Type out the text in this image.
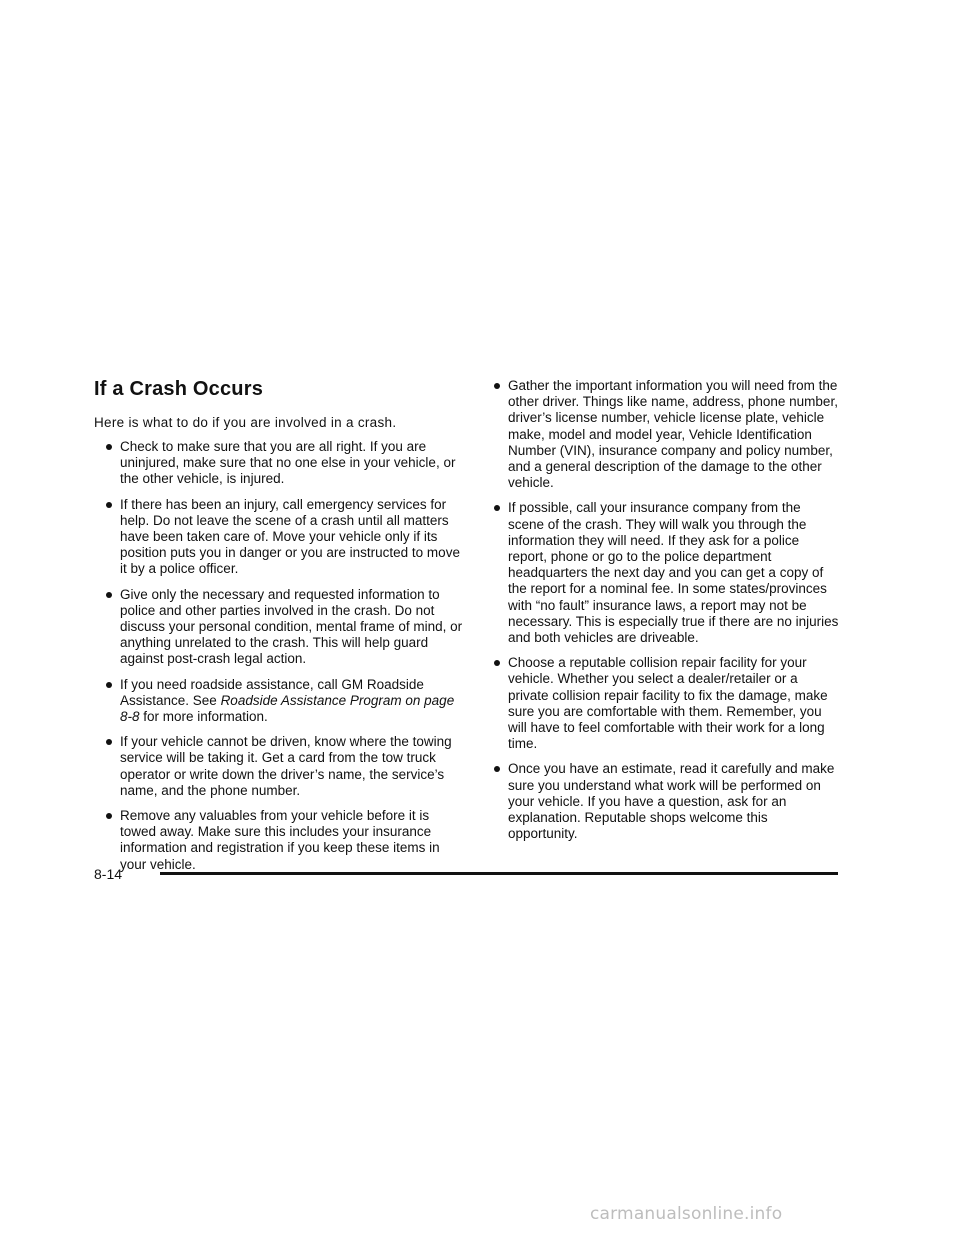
If a Crash Occurs

Here is what to do if you are involved in a crash.

Check to make sure that you are all right. If you are uninjured, make sure that no one else in your vehicle, or the other vehicle, is injured.
If there has been an injury, call emergency services for help. Do not leave the scene of a crash until all matters have been taken care of. Move your vehicle only if its position puts you in danger or you are instructed to move it by a police officer.
Give only the necessary and requested information to police and other parties involved in the crash. Do not discuss your personal condition, mental frame of mind, or anything unrelated to the crash. This will help guard against post-crash legal action.
If you need roadside assistance, call GM Roadside Assistance. See Roadside Assistance Program on page 8-8 for more information.
If your vehicle cannot be driven, know where the towing service will be taking it. Get a card from the tow truck operator or write down the driver’s name, the service’s name, and the phone number.
Remove any valuables from your vehicle before it is towed away. Make sure this includes your insurance information and registration if you keep these items in your vehicle.
Gather the important information you will need from the other driver. Things like name, address, phone number, driver’s license number, vehicle license plate, vehicle make, model and model year, Vehicle Identification Number (VIN), insurance company and policy number, and a general description of the damage to the other vehicle.
If possible, call your insurance company from the scene of the crash. They will walk you through the information they will need. If they ask for a police report, phone or go to the police department headquarters the next day and you can get a copy of the report for a nominal fee. In some states/provinces with “no fault” insurance laws, a report may not be necessary. This is especially true if there are no injuries and both vehicles are driveable.
Choose a reputable collision repair facility for your vehicle. Whether you select a dealer/retailer or a private collision repair facility to fix the damage, make sure you are comfortable with them. Remember, you will have to feel comfortable with their work for a long time.
Once you have an estimate, read it carefully and make sure you understand what work will be performed on your vehicle. If you have a question, ask for an explanation. Reputable shops welcome this opportunity.
8-14
carmanualsonline.info
